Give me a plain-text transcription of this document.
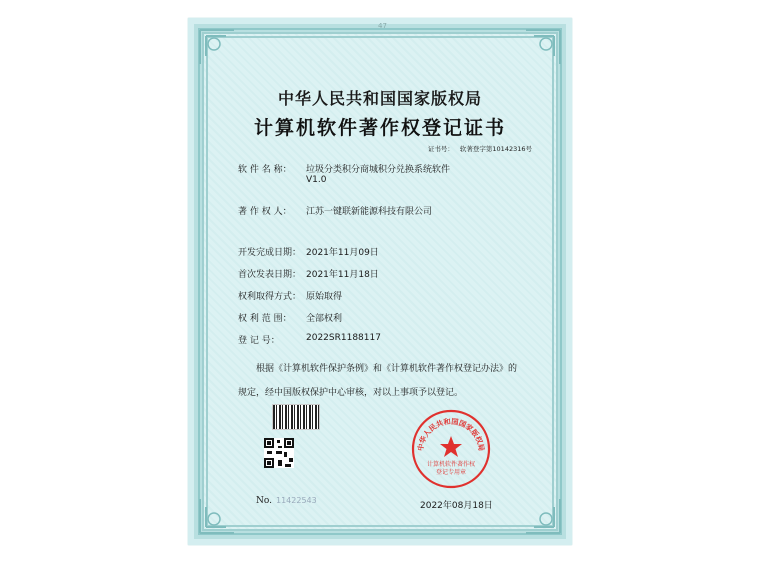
47
中华人民共和国国家版权局
计算机软件著作权登记证书
证书号： 软著登字第10142316号
软 件 名 称：	垃圾分类积分商城积分兑换系统软件
V1.0
著 作 权 人：	江苏一键联新能源科技有限公司
开发完成日期： 2021年11月09日
首次发表日期： 2021年11月18日
权利取得方式： 原始取得
权 利 范 围：	全部权利
登 记 号：	2022SR1188117
根据《计算机软件保护条例》和《计算机软件著作权登记办法》的
规定，经中国版权保护中心审核，对以上事项予以登记。
No. 11422543
中华人民共和国国家版权局
计算机软件著作权
登记专用章
2022年08月18日
